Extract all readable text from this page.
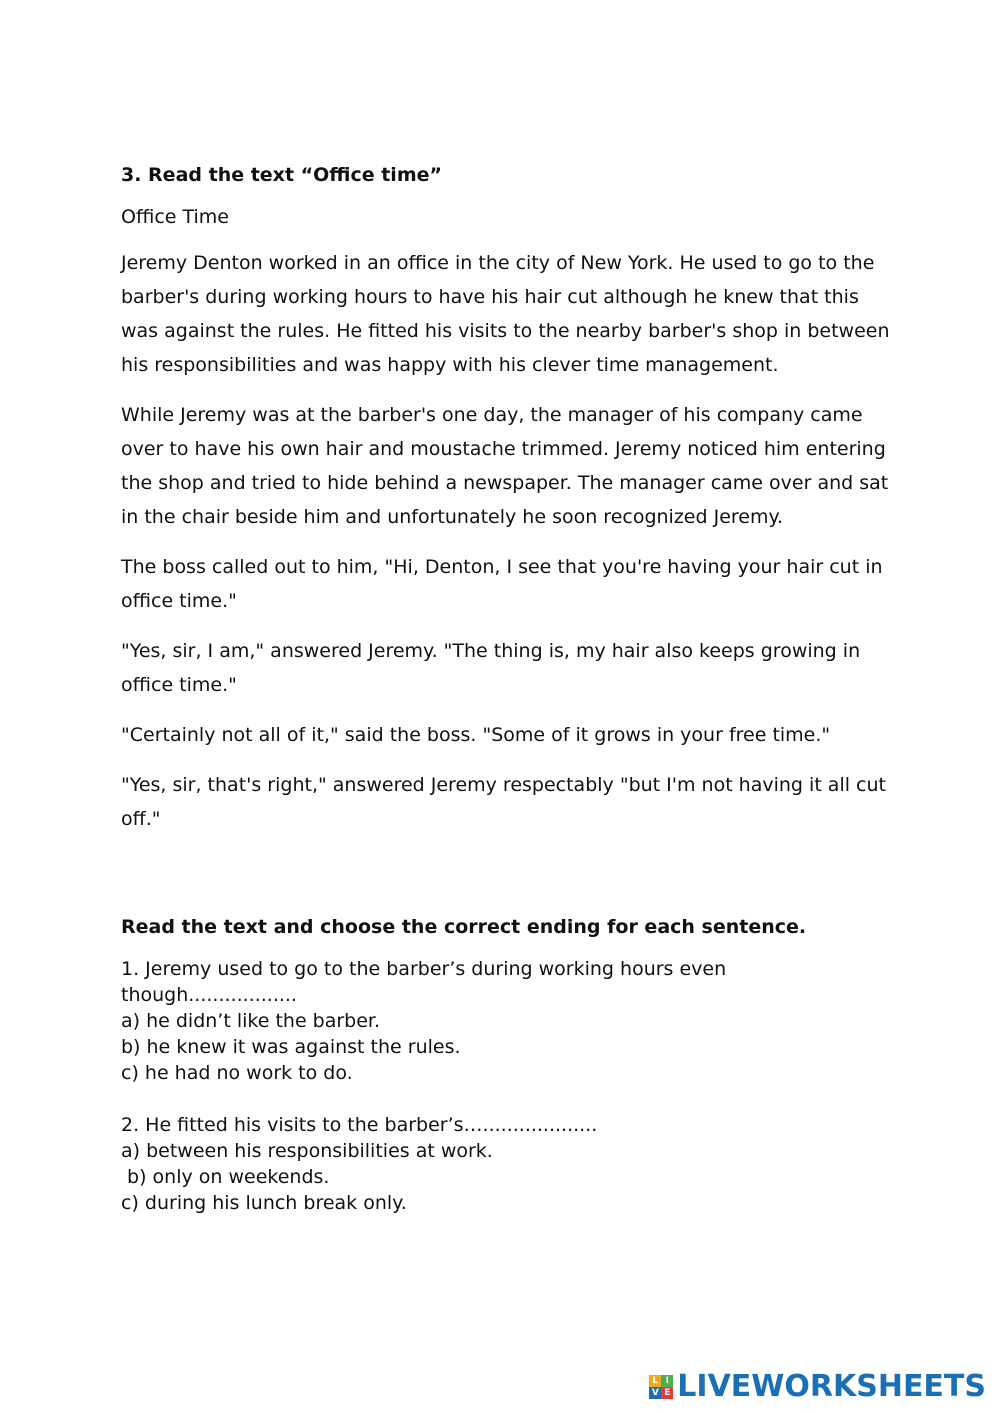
3. Read the text “Office time”

Office Time

Jeremy Denton worked in an office in the city of New York. He used to go to the barber's during working hours to have his hair cut although he knew that this was against the rules. He fitted his visits to the nearby barber's shop in between his responsibilities and was happy with his clever time management.

While Jeremy was at the barber's one day, the manager of his company came over to have his own hair and moustache trimmed. Jeremy noticed him entering the shop and tried to hide behind a newspaper. The manager came over and sat in the chair beside him and unfortunately he soon recognized Jeremy.

The boss called out to him, "Hi, Denton, I see that you're having your hair cut in office time."

"Yes, sir, I am," answered Jeremy. "The thing is, my hair also keeps growing in office time."

"Certainly not all of it," said the boss. "Some of it grows in your free time."

"Yes, sir, that's right," answered Jeremy respectably "but I'm not having it all cut off."

Read the text and choose the correct ending for each sentence.

1. Jeremy used to go to the barber’s during working hours even
though..................
a) he didn’t like the barber.
b) he knew it was against the rules.
c) he had no work to do.
2. He fitted his visits to the barber’s…...................
a) between his responsibilities at work.
b) only on weekends.
c) during his lunch break only.
L I
V E LIVEWORKSHEETS
